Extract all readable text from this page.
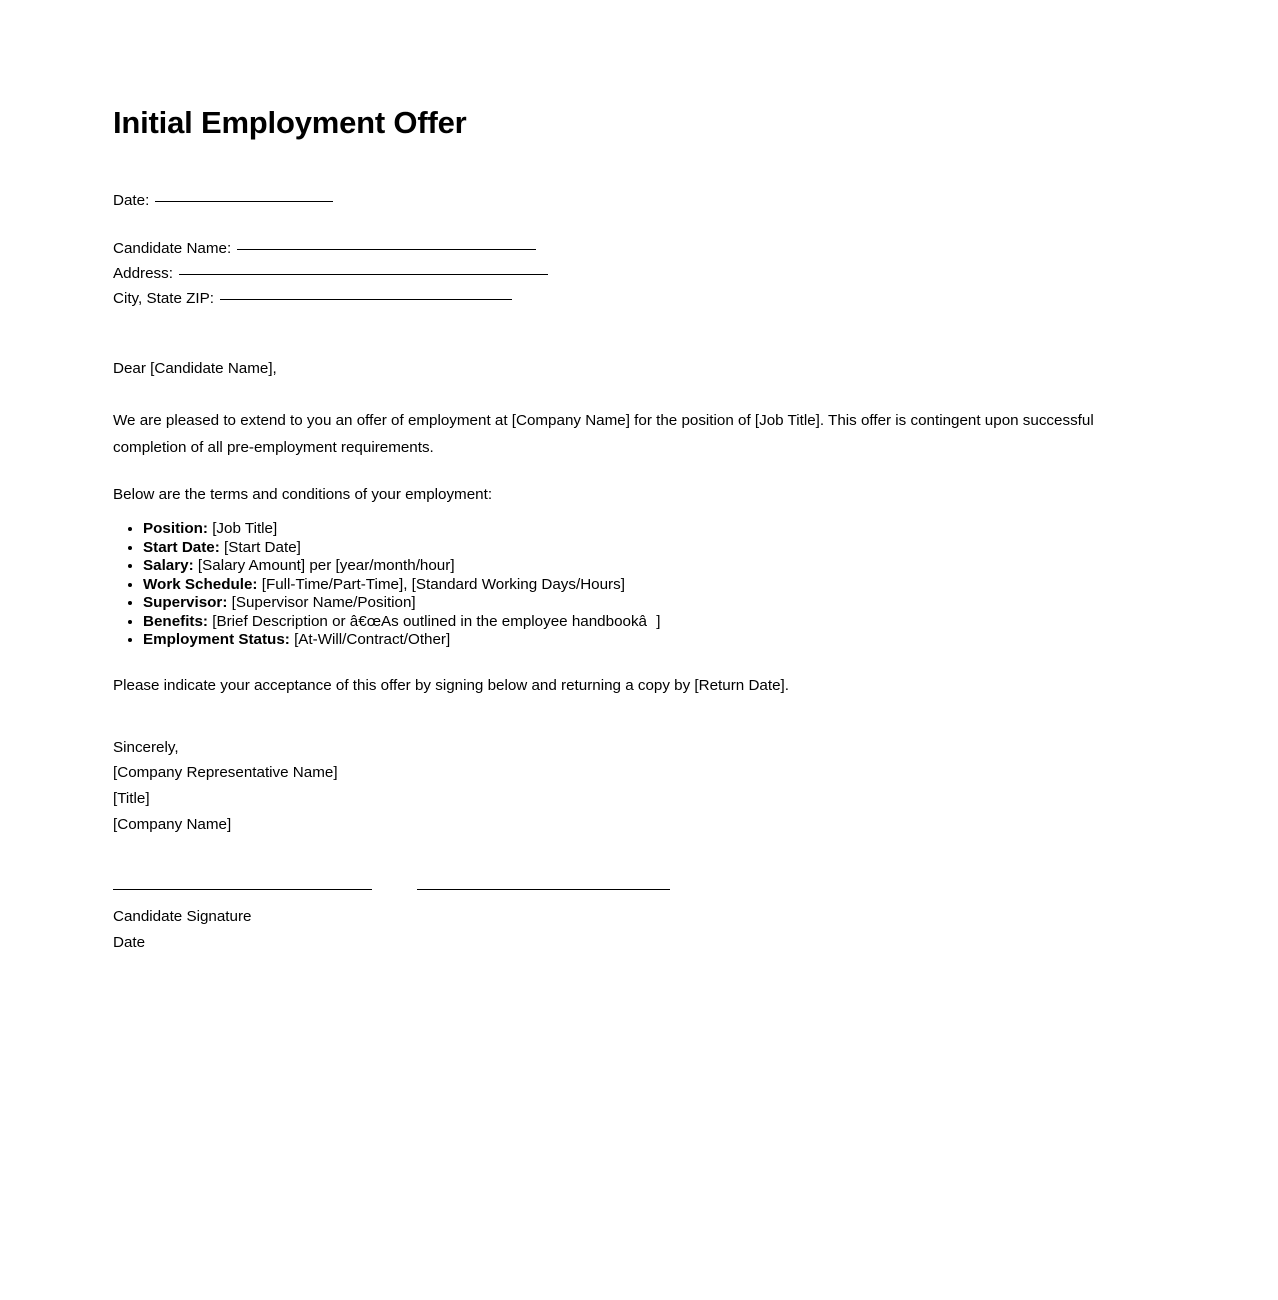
Initial Employment Offer
Date:
Candidate Name:
Address:
City, State ZIP:

Dear [Candidate Name],

We are pleased to extend to you an offer of employment at [Company Name] for the position of [Job Title]. This offer is contingent upon successful completion of all pre-employment requirements.

Below are the terms and conditions of your employment:

• Position: [Job Title]
• Start Date: [Start Date]
• Salary: [Salary Amount] per [year/month/hour]
• Work Schedule: [Full-Time/Part-Time], [Standard Working Days/Hours]
• Supervisor: [Supervisor Name/Position]
• Benefits: [Brief Description or â€œAs outlined in the employee handbookâ]
• Employment Status: [At-Will/Contract/Other]

Please indicate your acceptance of this offer by signing below and returning a copy by [Return Date].

Sincerely,
[Company Representative Name]
[Title]
[Company Name]
Candidate Signature
Date
